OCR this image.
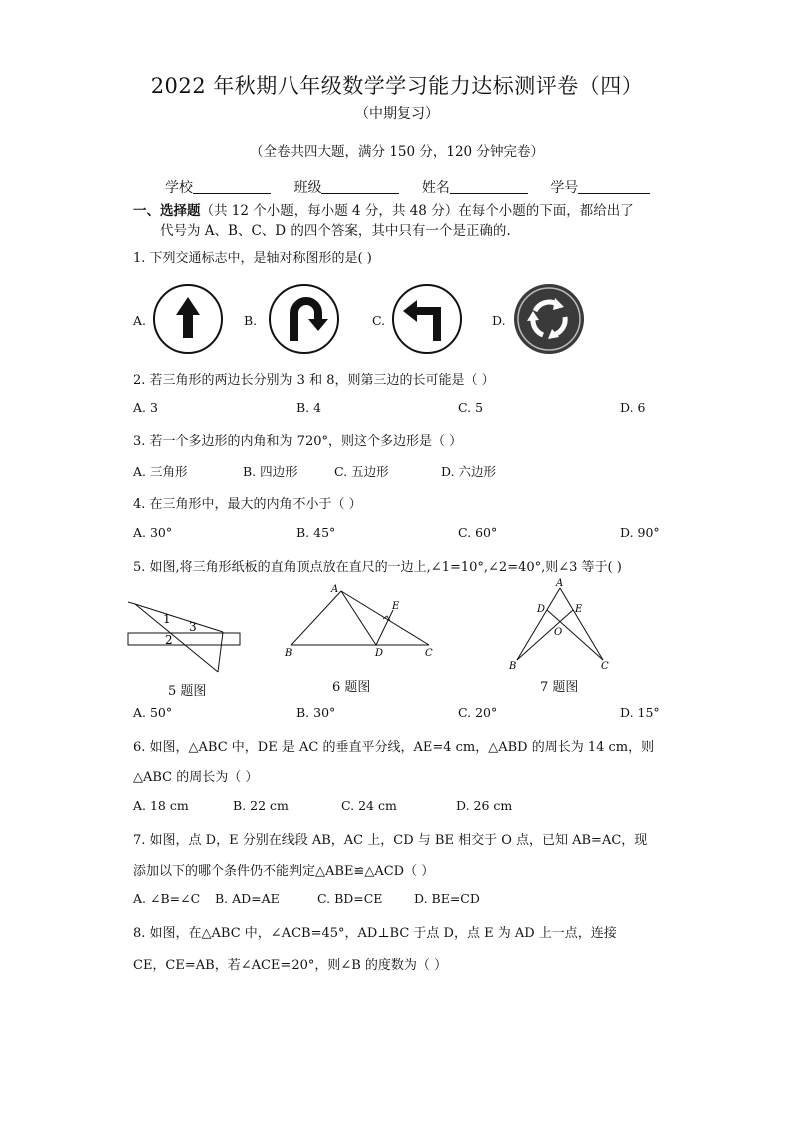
2022 年秋期八年级数学学习能力达标测评卷（四）
（中期复习）
（全卷共四大题，满分 150 分，120 分钟完卷）
学校	班级	姓名	学号
一、选择题（共 12 个小题，每小题 4 分，共 48 分）在每个小题的下面，都给出了
代号为 A、B、C、D 的四个答案，其中只有一个是正确的.
1. 下列交通标志中，是轴对称图形的是( )
A.	B.	C.	D.
2. 若三角形的两边长分别为 3 和 8，则第三边的长可能是（ ）
A. 3	B. 4	C. 5	D. 6
3. 若一个多边形的内角和为 720°，则这个多边形是（ ）
A. 三角形	B. 四边形	C. 五边形	D. 六边形
4. 在三角形中，最大的内角不小于（ ）
A. 30°	B. 45°	C. 60°	D. 90°
5. 如图,将三角形纸板的直角顶点放在直尺的一边上,∠1=10°,∠2=40°,则∠3 等于( )
1
2
3
5 题图
A
E
B	D	C
6 题图
A
D	E
O
B	C
7 题图
A. 50°	B. 30°	C. 20°	D. 15°
6. 如图，△ABC 中，DE 是 AC 的垂直平分线，AE=4 cm，△ABD 的周长为 14 cm，则
△ABC 的周长为（ ）
A. 18 cm	B. 22 cm	C. 24 cm	D. 26 cm
7. 如图，点 D，E 分别在线段 AB，AC 上，CD 与 BE 相交于 O 点，已知 AB=AC，现
添加以下的哪个条件仍不能判定△ABE≌△ACD（ ）
A. ∠B=∠C B. AD=AE	C. BD=CE	D. BE=CD
8. 如图，在△ABC 中，∠ACB=45°，AD⊥BC 于点 D，点 E 为 AD 上一点，连接
CE，CE=AB，若∠ACE=20°，则∠B 的度数为（ ）
